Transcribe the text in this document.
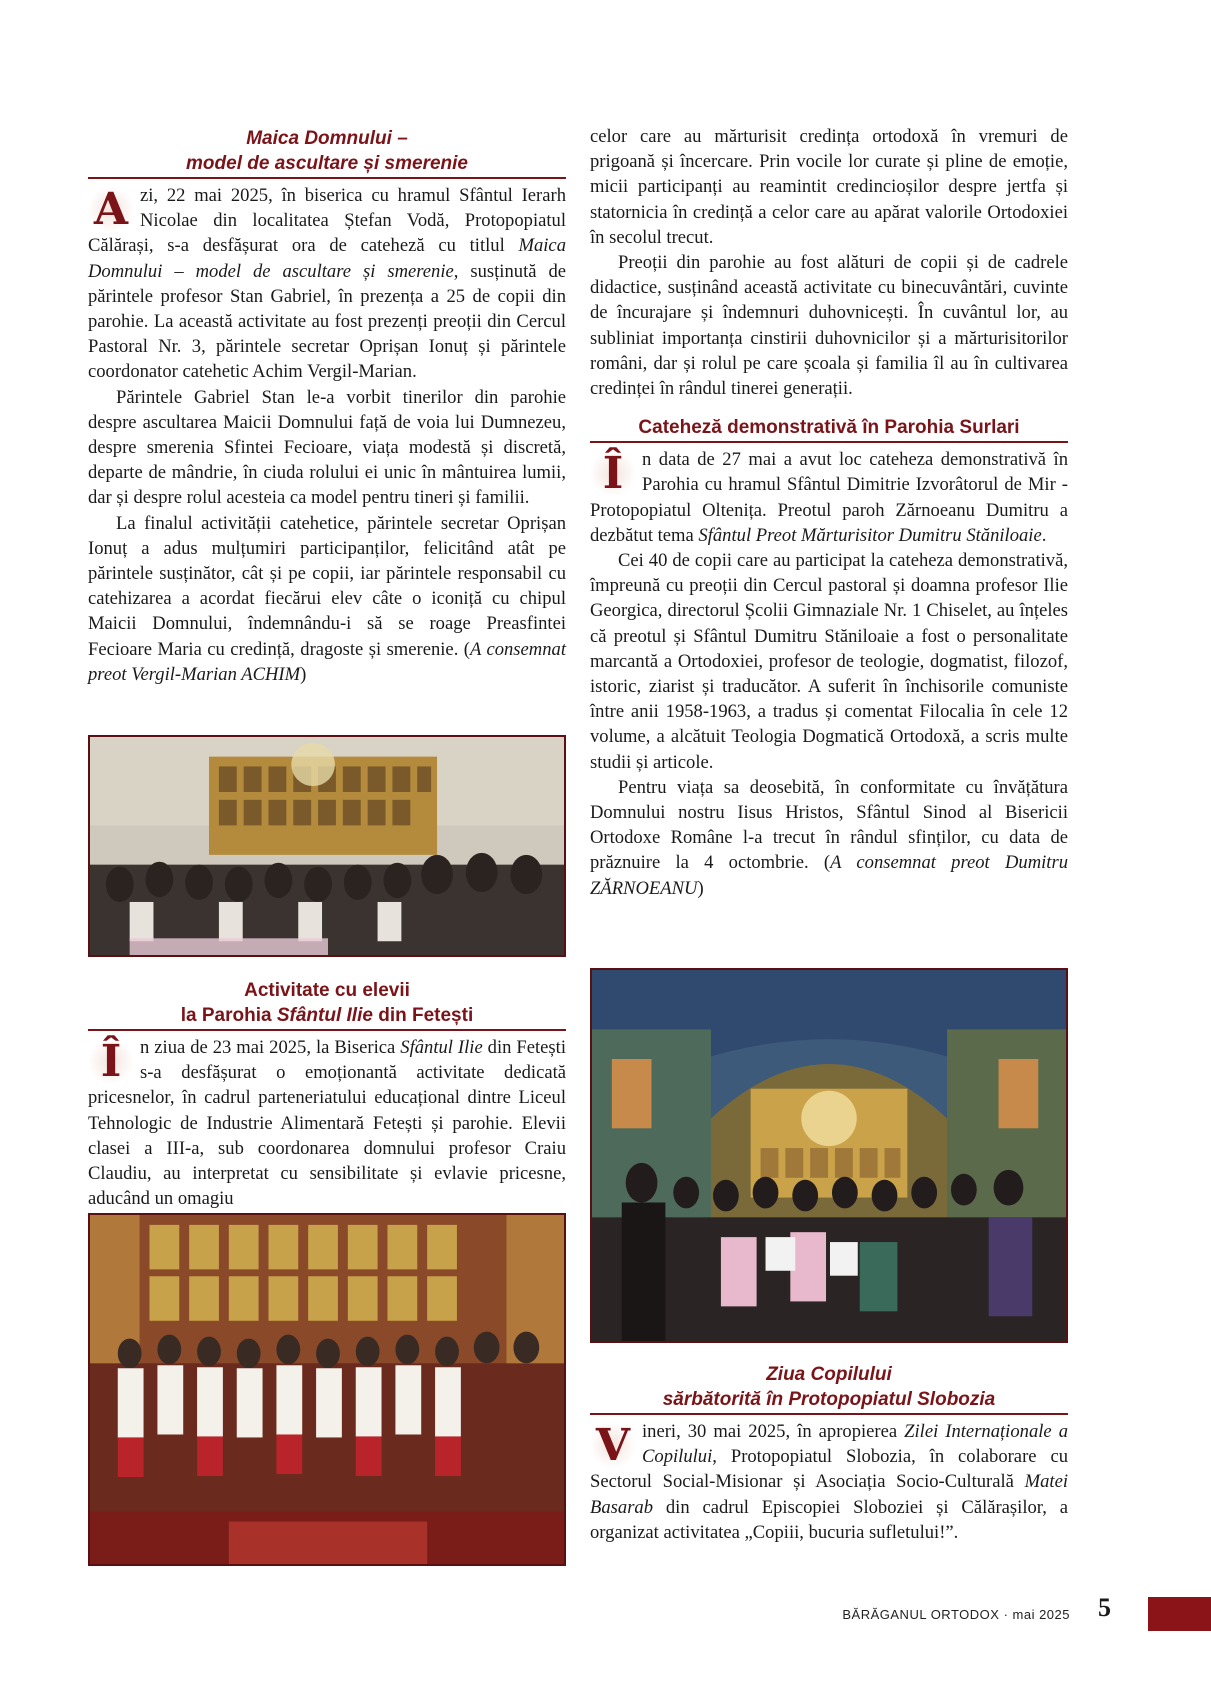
Maica Domnului –
model de ascultare și smerenie
A zi, 22 mai 2025, în biserica cu hramul Sfântul Ierarh Nicolae din localitatea Ștefan Vodă, Protopopiatul Călărași, s-a desfășurat ora de cateheză cu titlul Maica Domnului – model de ascultare și smerenie, susținută de părintele profesor Stan Gabriel, în prezența a 25 de copii din parohie. La această activitate au fost prezenți preoții din Cercul Pastoral Nr. 3, părintele secretar Oprișan Ionuț și părintele coordonator catehetic Achim Vergil-Marian.

Părintele Gabriel Stan le-a vorbit tinerilor din parohie despre ascultarea Maicii Domnului față de voia lui Dumnezeu, despre smerenia Sfintei Fecioare, viața modestă și discretă, departe de mândrie, în ciuda rolului ei unic în mântuirea lumii, dar și despre rolul acesteia ca model pentru tineri și familii.

La finalul activității catehetice, părintele secretar Oprișan Ionuț a adus mulțumiri participanților, felicitând atât pe părintele susținător, cât și pe copii, iar părintele responsabil cu catehizarea a acordat fiecărui elev câte o iconiță cu chipul Maicii Domnului, îndemnându-i să se roage Preasfintei Fecioare Maria cu credință, dragoste și smerenie. (A consemnat preot Vergil-Marian ACHIM)

Activitate cu elevii
la Parohia Sfântul Ilie din Fetești
Î	n ziua de 23 mai 2025, la Biserica Sfântul Ilie din Fetești s-a desfășurat o emoționantă activitate dedicată pricesnelor, în cadrul parteneriatului educațional dintre Liceul Tehnologic de Industrie Alimentară Fetești și parohie. Elevii clasei a III-a, sub coordonarea domnului profesor Craiu Claudiu, au interpretat cu sensibilitate și evlavie pricesne, aducând un omagiu

celor care au mărturisit credința ortodoxă în vremuri de prigoană și încercare. Prin vocile lor curate și pline de emoție, micii participanți au reamintit credincioșilor despre jertfa și statornicia în credință a celor care au apărat valorile Ortodoxiei în secolul trecut.

Preoții din parohie au fost alături de copii și de cadrele didactice, susținând această activitate cu binecuvântări, cuvinte de încurajare și îndemnuri duhovnicești. În cuvântul lor, au subliniat importanța cinstirii duhovnicilor și a mărturisitorilor români, dar și rolul pe care școala și familia îl au în cultivarea credinței în rândul tinerei generații.

Cateheză demonstrativă în Parohia Surlari
Î	n data de 27 mai a avut loc cateheza demonstrativă în Parohia cu hramul Sfântul Dimitrie Izvorâtorul de Mir - Protopopiatul Oltenița. Preotul paroh Zărnoeanu Dumitru a dezbătut tema Sfântul Preot Mărturisitor Dumitru Stăniloaie.

Cei 40 de copii care au participat la cateheza demonstrativă, împreună cu preoții din Cercul pastoral și doamna profesor Ilie Georgica, directorul Școlii Gimnaziale Nr. 1 Chiselet, au înțeles că preotul și Sfântul Dumitru Stăniloaie a fost o personalitate marcantă a Ortodoxiei, profesor de teologie, dogmatist, filozof, istoric, ziarist și traducător. A suferit în închisorile comuniste între anii 1958-1963, a tradus și comentat Filocalia în cele 12 volume, a alcătuit Teologia Dogmatică Ortodoxă, a scris multe studii și articole.

Pentru viața sa deosebită, în conformitate cu învățătura Domnului nostru Iisus Hristos, Sfântul Sinod al Bisericii Ortodoxe Române l-a trecut în rândul sfinților, cu data de prăznuire la 4 octombrie. (A consemnat preot Dumitru ZĂRNOEANU)

Ziua Copilului
sărbătorită în Protopopiatul Slobozia
V ineri, 30 mai 2025, în apropierea Zilei Internaționale a Copilului, Protopopiatul Slobozia, în colaborare cu Sectorul Social-Misionar și Asociația Socio-Culturală Matei Basarab din cadrul Episcopiei Sloboziei și Călărașilor, a organizat activitatea „Copiii, bucuria sufletului!”.

BĂRĂGANUL ORTODOX · mai 2025 5
